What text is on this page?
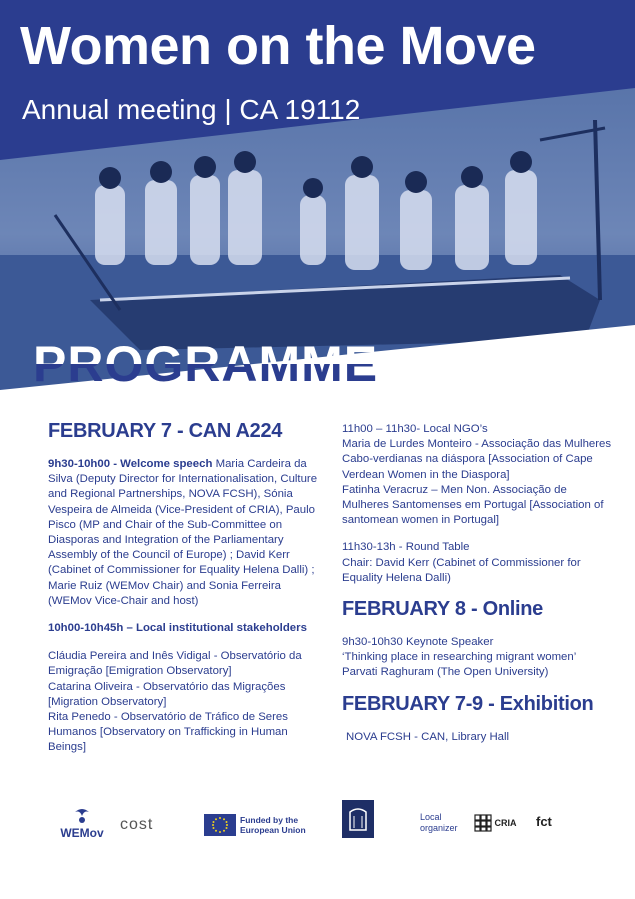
Women on the Move
Annual meeting | CA 19112
PROGRAMME
FEBRUARY 7 - CAN A224
9h30-10h00 - Welcome speech Maria Cardeira da Silva (Deputy Director for Internationalisation, Culture and Regional Partnerships, NOVA FCSH), Sónia Vespeira de Almeida (Vice-President of CRIA), Paulo Pisco (MP and Chair of the Sub-Committee on Diasporas and Integration of the Parliamentary Assembly of the Council of Europe) ; David Kerr (Cabinet of Commissioner for Equality Helena Dalli) ; Marie Ruiz (WEMov Chair) and Sonia Ferreira (WEMov Vice-Chair and host)
10h00-10h45h – Local institutional stakeholders
Cláudia Pereira and Inês Vidigal - Observatório da Emigração [Emigration Observatory]
Catarina Oliveira - Observatório das Migrações [Migration Observatory]
Rita Penedo - Observatório de Tráfico de Seres Humanos [Observatory on Trafficking in Human Beings]
11h00 – 11h30- Local NGO’s
Maria de Lurdes Monteiro - Associação das Mulheres Cabo-verdianas na diáspora [Association of Cape Verdean Women in the Diaspora]
Fatinha Veracruz – Men Non. Associação de Mulheres Santomenses em Portugal [Association of santomean women in Portugal]
11h30-13h - Round Table
Chair: David Kerr (Cabinet of Commissioner for Equality Helena Dalli)
FEBRUARY 8 - Online
9h30-10h30 Keynote Speaker
‘Thinking place in researching migrant women’
Parvati Raghuram (The Open University)
FEBRUARY 7-9 - Exhibition
NOVA FCSH - CAN, Library Hall
WEMov	cost	Funded by the European Union
Local organizer	CRIA fct
